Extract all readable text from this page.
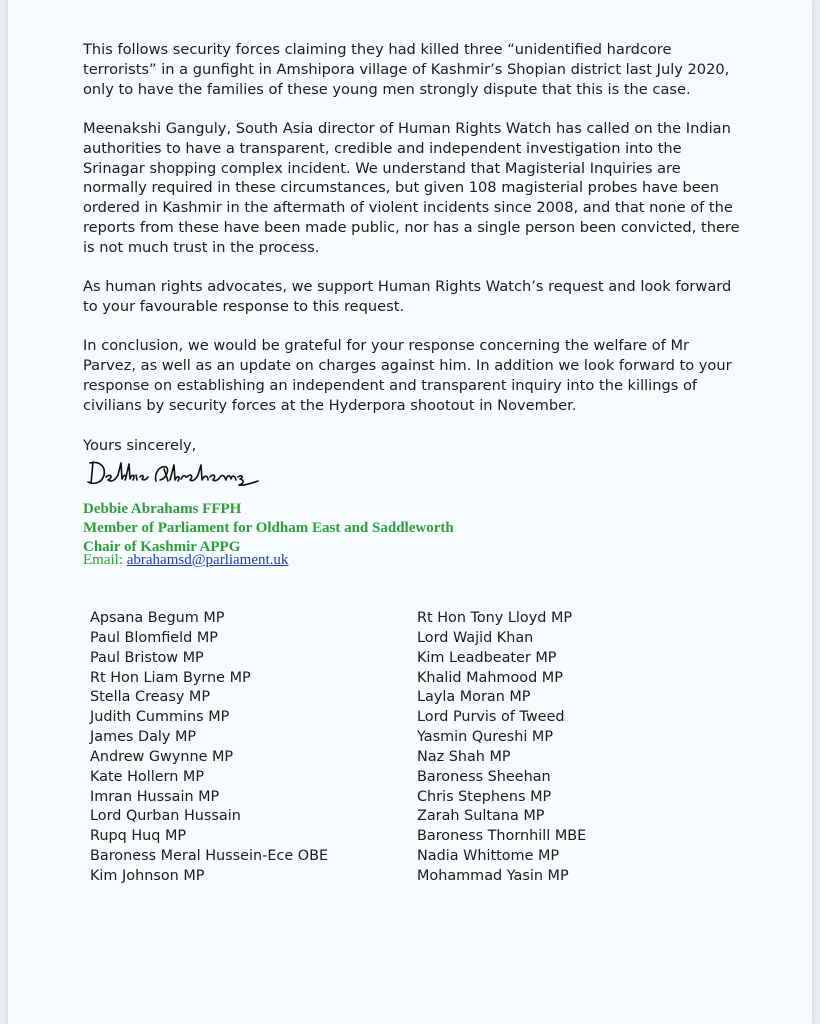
This follows security forces claiming they had killed three “unidentified hardcore terrorists” in a gunfight in Amshipora village of Kashmir’s Shopian district last July 2020, only to have the families of these young men strongly dispute that this is the case.

Meenakshi Ganguly, South Asia director of Human Rights Watch has called on the Indian authorities to have a transparent, credible and independent investigation into the Srinagar shopping complex incident. We understand that Magisterial Inquiries are normally required in these circumstances, but given 108 magisterial probes have been ordered in Kashmir in the aftermath of violent incidents since 2008, and that none of the reports from these have been made public, nor has a single person been convicted, there is not much trust in the process.

As human rights advocates, we support Human Rights Watch’s request and look forward to your favourable response to this request.

In conclusion, we would be grateful for your response concerning the welfare of Mr Parvez, as well as an update on charges against him. In addition we look forward to your response on establishing an independent and transparent inquiry into the killings of civilians by security forces at the Hyderpora shootout in November.

Yours sincerely,

Debbie Abrahams FFPH
Member of Parliament for Oldham East and Saddleworth
Chair of Kashmir APPG
Email: abrahamsd@parliament.uk
Apsana Begum MP
Paul Blomfield MP
Paul Bristow MP
Rt Hon Liam Byrne MP
Stella Creasy MP
Judith Cummins MP
James Daly MP
Andrew Gwynne MP
Kate Hollern MP
Imran Hussain MP
Lord Qurban Hussain
Rupq Huq MP
Baroness Meral Hussein-Ece OBE
Kim Johnson MP
Rt Hon Tony Lloyd MP
Lord Wajid Khan
Kim Leadbeater MP
Khalid Mahmood MP
Layla Moran MP
Lord Purvis of Tweed
Yasmin Qureshi MP
Naz Shah MP
Baroness Sheehan
Chris Stephens MP
Zarah Sultana MP
Baroness Thornhill MBE
Nadia Whittome MP
Mohammad Yasin MP
